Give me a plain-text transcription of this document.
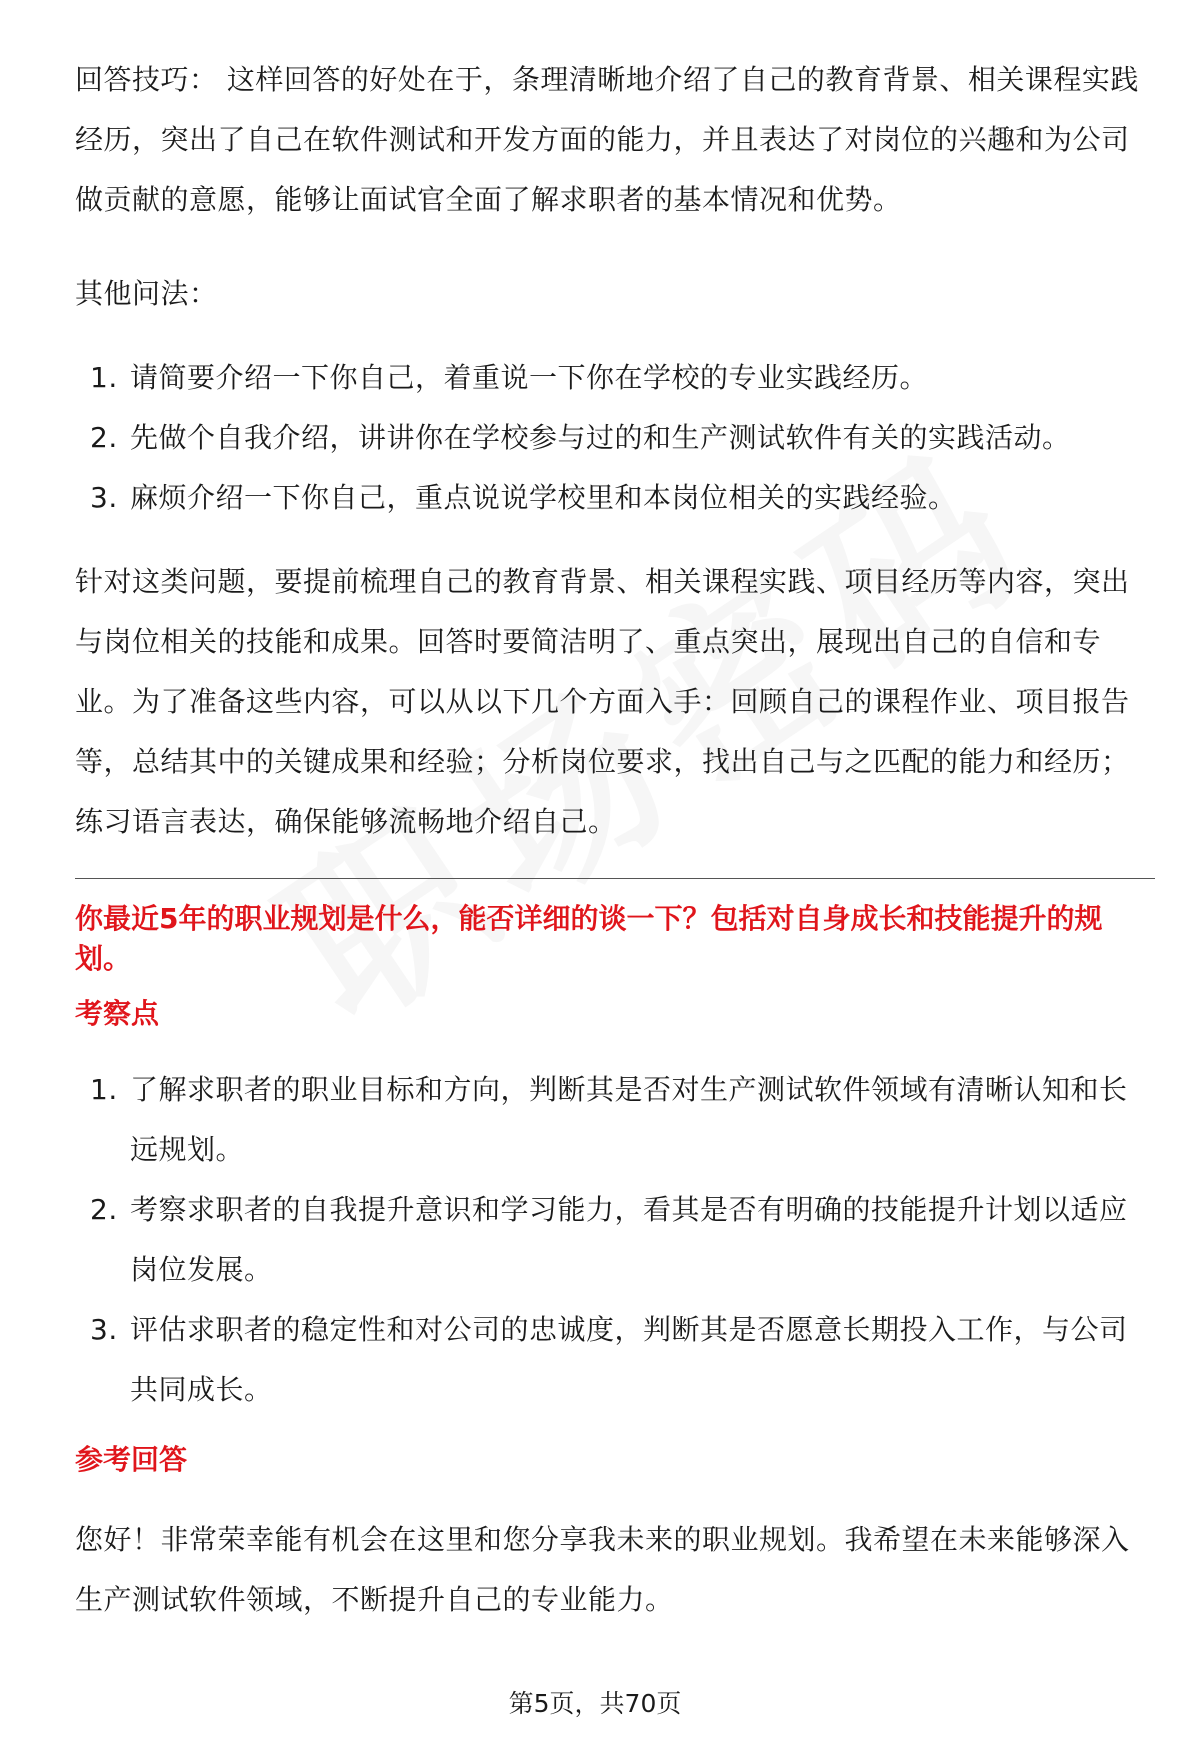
回答技巧： 这样回答的好处在于，条理清晰地介绍了自己的教育背景、相关课程实践经历，突出了自己在软件测试和开发方面的能力，并且表达了对岗位的兴趣和为公司做贡献的意愿，能够让面试官全面了解求职者的基本情况和优势。

其他问法：

1. 请简要介绍一下你自己，着重说一下你在学校的专业实践经历。
2. 先做个自我介绍，讲讲你在学校参与过的和生产测试软件有关的实践活动。
3. 麻烦介绍一下你自己，重点说说学校里和本岗位相关的实践经验。

针对这类问题，要提前梳理自己的教育背景、相关课程实践、项目经历等内容，突出与岗位相关的技能和成果。回答时要简洁明了、重点突出，展现出自己的自信和专业。为了准备这些内容，可以从以下几个方面入手：回顾自己的课程作业、项目报告等，总结其中的关键成果和经验；分析岗位要求，找出自己与之匹配的能力和经历；练习语言表达，确保能够流畅地介绍自己。

你最近5年的职业规划是什么，能否详细的谈一下？包括对自身成长和技能提升的规划。

考察点

1. 了解求职者的职业目标和方向，判断其是否对生产测试软件领域有清晰认知和长远规划。
2. 考察求职者的自我提升意识和学习能力，看其是否有明确的技能提升计划以适应岗位发展。
3. 评估求职者的稳定性和对公司的忠诚度，判断其是否愿意长期投入工作，与公司共同成长。

参考回答

您好！非常荣幸能有机会在这里和您分享我未来的职业规划。我希望在未来能够深入生产测试软件领域，不断提升自己的专业能力。

第5页，共70页
